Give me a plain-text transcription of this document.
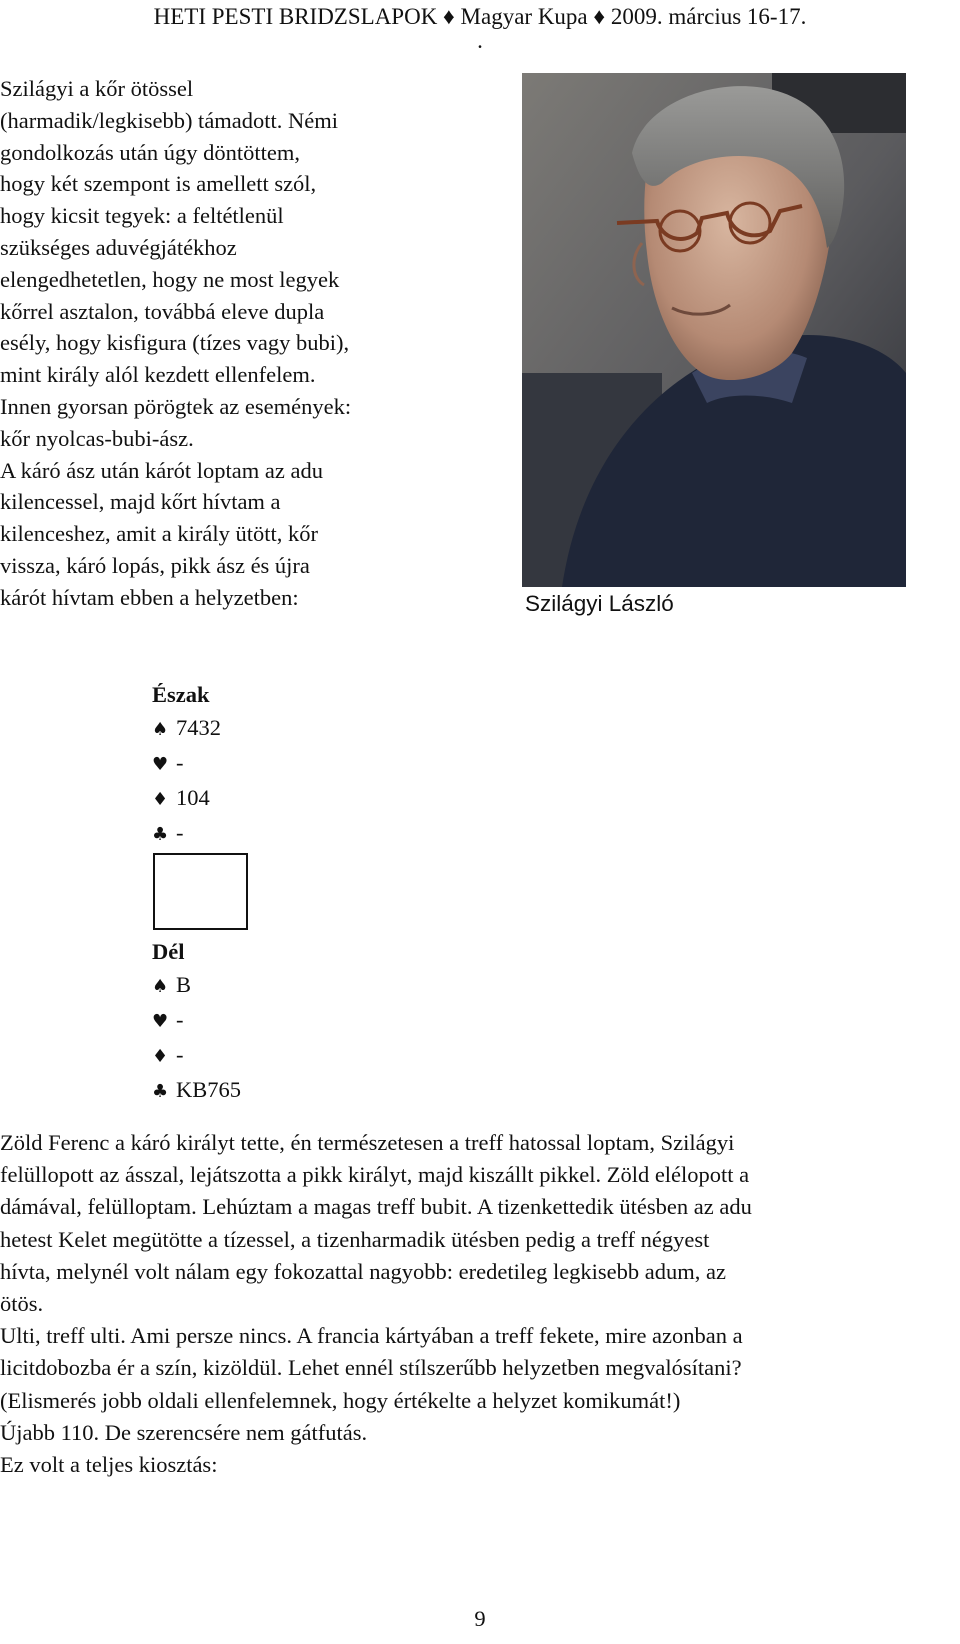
HETI PESTI BRIDZSLAPOK ♦ Magyar Kupa ♦ 2009. március 16-17.
.
Szilágyi a kőr ötössel
(harmadik/legkisebb) támadott. Némi
gondolkozás után úgy döntöttem,
hogy két szempont is amellett szól,
hogy kicsit tegyek: a feltétlenül
szükséges aduvégjátékhoz
elengedhetetlen, hogy ne most legyek
kőrrel asztalon, továbbá eleve dupla
esély, hogy kisfigura (tízes vagy bubi),
mint király alól kezdett ellenfelem.
Innen gyorsan pörögtek az események:
kőr nyolcas-bubi-ász.
A káró ász után kárót loptam az adu
kilencessel, majd kőrt hívtam a
kilenceshez, amit a király ütött, kőr
vissza, káró lopás, pikk ász és újra
kárót hívtam ebben a helyzetben:	Szilágyi László
Észak
♠ 7432
♥ -
♦ 104
♣ -
Dél
♠ B
♥ -
♦ -
♣ KB765
Zöld Ferenc a káró királyt tette, én természetesen a treff hatossal loptam, Szilágyi
felüllopott az ásszal, lejátszotta a pikk királyt, majd kiszállt pikkel. Zöld elélopott a
dámával, felülloptam. Lehúztam a magas treff bubit. A tizenkettedik ütésben az adu
hetest Kelet megütötte a tízessel, a tizenharmadik ütésben pedig a treff négyest
hívta, melynél volt nálam egy fokozattal nagyobb: eredetileg legkisebb adum, az
ötös.
Ulti, treff ulti. Ami persze nincs. A francia kártyában a treff fekete, mire azonban a
licitdobozba ér a szín, kizöldül. Lehet ennél stílszerűbb helyzetben megvalósítani?
(Elismerés jobb oldali ellenfelemnek, hogy értékelte a helyzet komikumát!)
Újabb 110. De szerencsére nem gátfutás.
Ez volt a teljes kiosztás:
9
